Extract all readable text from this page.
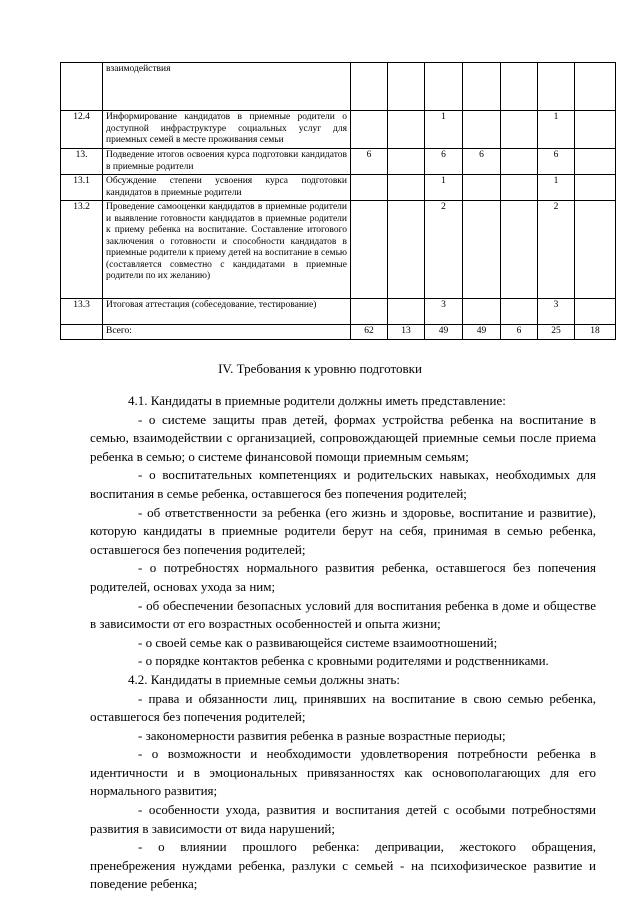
	взаимодействия							
12.4	Информирование кандидатов в приемные родители о доступной инфраструктуре социальных услуг для приемных семей в месте проживания семьи			1			1	
13.	Подведение итогов освоения курса подготовки кандидатов в приемные родители	6		6	6		6	
13.1	Обсуждение степени усвоения курса подготовки кандидатов в приемные родители			1			1	
13.2	Проведение самооценки кандидатов в приемные родители и выявление готовности кандидатов в приемные родители к приему ребенка на воспитание. Составление итогового заключения о готовности и способности кандидатов в приемные родители к приему детей на воспитание в семью (составляется совместно с кандидатами в приемные родители по их желанию)			2			2	
13.3	Итоговая аттестация (собеседование, тестирование)			3			3	
	Всего:	62	13	49	49	6	25	18
IV. Требования к уровню подготовки

4.1. Кандидаты в приемные родители должны иметь представление:

- о системе защиты прав детей, формах устройства ребенка на воспитание в семью, взаимодействии с организацией, сопровождающей приемные семьи после приема ребенка в семью; о системе финансовой помощи приемным семьям;

- о воспитательных компетенциях и родительских навыках, необходимых для воспитания в семье ребенка, оставшегося без попечения родителей;

- об ответственности за ребенка (его жизнь и здоровье, воспитание и развитие), которую кандидаты в приемные родители берут на себя, принимая в семью ребенка, оставшегося без попечения родителей;

- о потребностях нормального развития ребенка, оставшегося без попечения родителей, основах ухода за ним;

- об обеспечении безопасных условий для воспитания ребенка в доме и обществе в зависимости от его возрастных особенностей и опыта жизни;

- о своей семье как о развивающейся системе взаимоотношений;

- о порядке контактов ребенка с кровными родителями и родственниками.

4.2. Кандидаты в приемные семьи должны знать:

- права и обязанности лиц, принявших на воспитание в свою семью ребенка, оставшегося без попечения родителей;

- закономерности развития ребенка в разные возрастные периоды;

- о возможности и необходимости удовлетворения потребности ребенка в идентичности и в эмоциональных привязанностях как основополагающих для его нормального развития;

- особенности ухода, развития и воспитания детей с особыми потребностями развития в зависимости от вида нарушений;

- о влиянии прошлого ребенка: депривации, жестокого обращения, пренебрежения нуждами ребенка, разлуки с семьей - на психофизическое развитие и поведение ребенка;
